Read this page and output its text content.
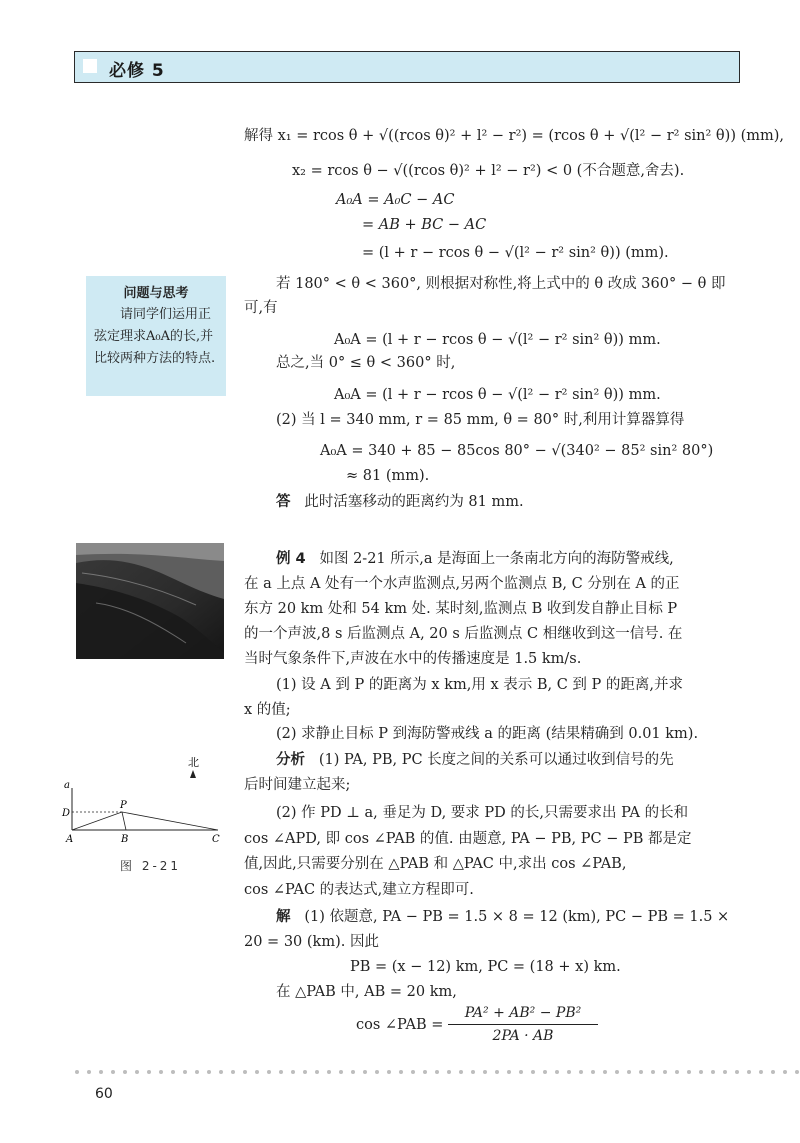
必修 5
解得 x₁ = rcos θ + √((rcos θ)² + l² − r²) = (rcos θ + √(l² − r² sin² θ)) (mm),
x₂ = rcos θ − √((rcos θ)² + l² − r²) < 0 (不合题意,舍去).
A₀A = A₀C − AC
= AB + BC − AC
= (l + r − rcos θ − √(l² − r² sin² θ)) (mm).
若 180° < θ < 360°, 则根据对称性,将上式中的 θ 改成 360° − θ 即
可,有
A₀A = (l + r − rcos θ − √(l² − r² sin² θ)) mm.
总之,当 0° ≤ θ < 360° 时,
A₀A = (l + r − rcos θ − √(l² − r² sin² θ)) mm.
(2) 当 l = 340 mm, r = 85 mm, θ = 80° 时,利用计算器算得
A₀A = 340 + 85 − 85cos 80° − √(340² − 85² sin² 80°)
≈ 81 (mm).
答 此时活塞移动的距离约为 81 mm.
问题与思考
请同学们运用正弦定理求A₀A的长,并比较两种方法的特点.
北
a
D
P
A	B	C
图 2-21
例 4 如图 2-21 所示,a 是海面上一条南北方向的海防警戒线,
在 a 上点 A 处有一个水声监测点,另两个监测点 B, C 分别在 A 的正
东方 20 km 处和 54 km 处. 某时刻,监测点 B 收到发自静止目标 P
的一个声波,8 s 后监测点 A, 20 s 后监测点 C 相继收到这一信号. 在
当时气象条件下,声波在水中的传播速度是 1.5 km/s.
(1) 设 A 到 P 的距离为 x km,用 x 表示 B, C 到 P 的距离,并求
x 的值;
(2) 求静止目标 P 到海防警戒线 a 的距离 (结果精确到 0.01 km).
分析 (1) PA, PB, PC 长度之间的关系可以通过收到信号的先
后时间建立起来;
(2) 作 PD ⊥ a, 垂足为 D, 要求 PD 的长,只需要求出 PA 的长和
cos ∠APD, 即 cos ∠PAB 的值. 由题意, PA − PB, PC − PB 都是定
值,因此,只需要分别在 △PAB 和 △PAC 中,求出 cos ∠PAB,
cos ∠PAC 的表达式,建立方程即可.
解 (1) 依题意, PA − PB = 1.5 × 8 = 12 (km), PC − PB = 1.5 ×
20 = 30 (km). 因此
PB = (x − 12) km, PC = (18 + x) km.
在 △PAB 中, AB = 20 km,
cos ∠PAB = $\frac{\text{PA² + AB² − PB²}}{2PA \cdot AB}$
60
